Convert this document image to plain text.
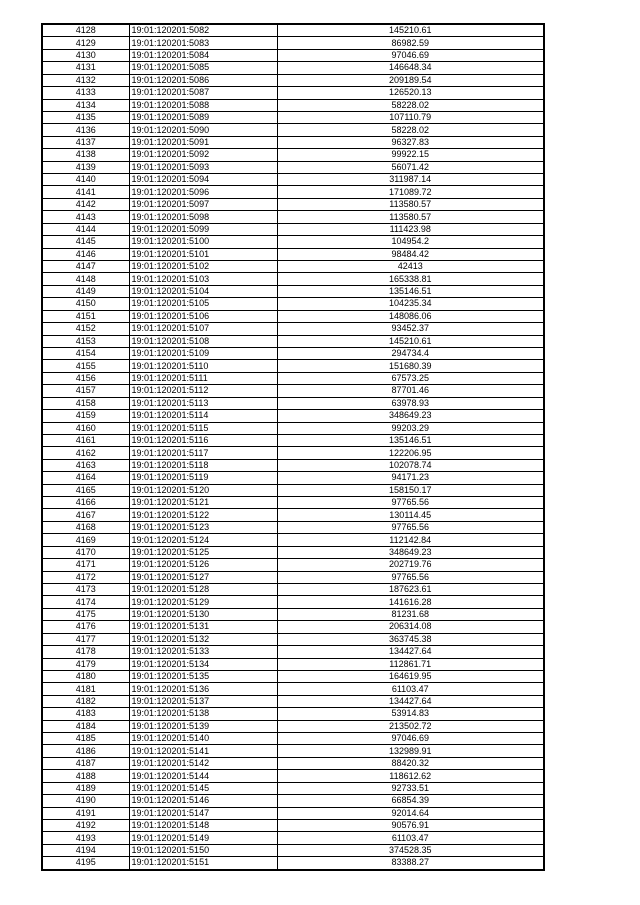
4128	19:01:120201:5082	145210.61
4129	19:01:120201:5083	86982.59
4130	19:01:120201:5084	97046.69
4131	19:01:120201:5085	146648.34
4132	19:01:120201:5086	209189.54
4133	19:01:120201:5087	126520.13
4134	19:01:120201:5088	58228.02
4135	19:01:120201:5089	107110.79
4136	19:01:120201:5090	58228.02
4137	19:01:120201:5091	96327.83
4138	19:01:120201:5092	99922.15
4139	19:01:120201:5093	56071.42
4140	19:01:120201:5094	311987.14
4141	19:01:120201:5096	171089.72
4142	19:01:120201:5097	113580.57
4143	19:01:120201:5098	113580.57
4144	19:01:120201:5099	111423.98
4145	19:01:120201:5100	104954.2
4146	19:01:120201:5101	98484.42
4147	19:01:120201:5102	42413
4148	19:01:120201:5103	165338.81
4149	19:01:120201:5104	135146.51
4150	19:01:120201:5105	104235.34
4151	19:01:120201:5106	148086.06
4152	19:01:120201:5107	93452.37
4153	19:01:120201:5108	145210.61
4154	19:01:120201:5109	294734.4
4155	19:01:120201:5110	151680.39
4156	19:01:120201:5111	67573.25
4157	19:01:120201:5112	87701.46
4158	19:01:120201:5113	63978.93
4159	19:01:120201:5114	348649.23
4160	19:01:120201:5115	99203.29
4161	19:01:120201:5116	135146.51
4162	19:01:120201:5117	122206.95
4163	19:01:120201:5118	102078.74
4164	19:01:120201:5119	94171.23
4165	19:01:120201:5120	158150.17
4166	19:01:120201:5121	97765.56
4167	19:01:120201:5122	130114.45
4168	19:01:120201:5123	97765.56
4169	19:01:120201:5124	112142.84
4170	19:01:120201:5125	348649.23
4171	19:01:120201:5126	202719.76
4172	19:01:120201:5127	97765.56
4173	19:01:120201:5128	187623.61
4174	19:01:120201:5129	141616.28
4175	19:01:120201:5130	81231.68
4176	19:01:120201:5131	206314.08
4177	19:01:120201:5132	363745.38
4178	19:01:120201:5133	134427.64
4179	19:01:120201:5134	112861.71
4180	19:01:120201:5135	164619.95
4181	19:01:120201:5136	61103.47
4182	19:01:120201:5137	134427.64
4183	19:01:120201:5138	53914.83
4184	19:01:120201:5139	213502.72
4185	19:01:120201:5140	97046.69
4186	19:01:120201:5141	132989.91
4187	19:01:120201:5142	88420.32
4188	19:01:120201:5144	118612.62
4189	19:01:120201:5145	92733.51
4190	19:01:120201:5146	66854.39
4191	19:01:120201:5147	92014.64
4192	19:01:120201:5148	90576.91
4193	19:01:120201:5149	61103.47
4194	19:01:120201:5150	374528.35
4195	19:01:120201:5151	83388.27
